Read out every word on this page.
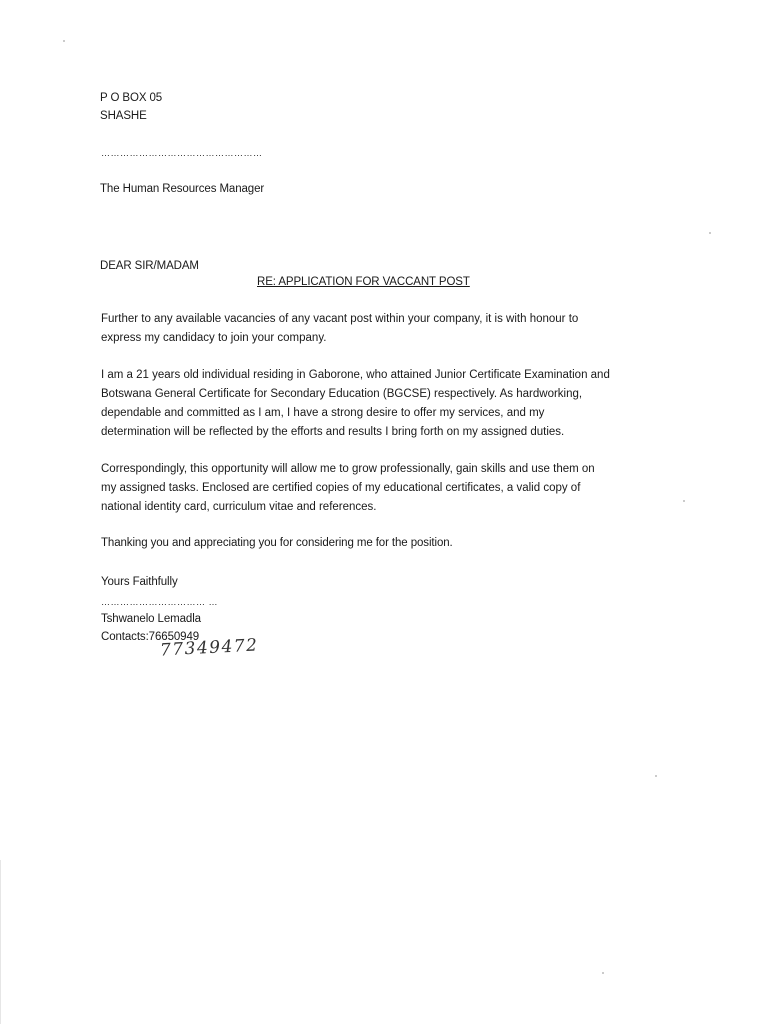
P O BOX 05
SHASHE
……………………………………………
The Human Resources Manager
DEAR SIR/MADAM
RE: APPLICATION FOR VACCANT POST
Further to any available vacancies of any vacant post within your company, it is with honour to
express my candidacy to join your company.
I am a 21 years old individual residing in Gaborone, who attained Junior Certificate Examination and
Botswana General Certificate for Secondary Education (BGCSE) respectively. As hardworking,
dependable and committed as I am, I have a strong desire to offer my services, and my
determination will be reflected by the efforts and results I bring forth on my assigned duties.
Correspondingly, this opportunity will allow me to grow professionally, gain skills and use them on
my assigned tasks. Enclosed are certified copies of my educational certificates, a valid copy of
national identity card, curriculum vitae and references.
Thanking you and appreciating you for considering me for the position.
Yours Faithfully
…………………………… …
Tshwanelo Lemadla
Contacts:76650949
77349472
